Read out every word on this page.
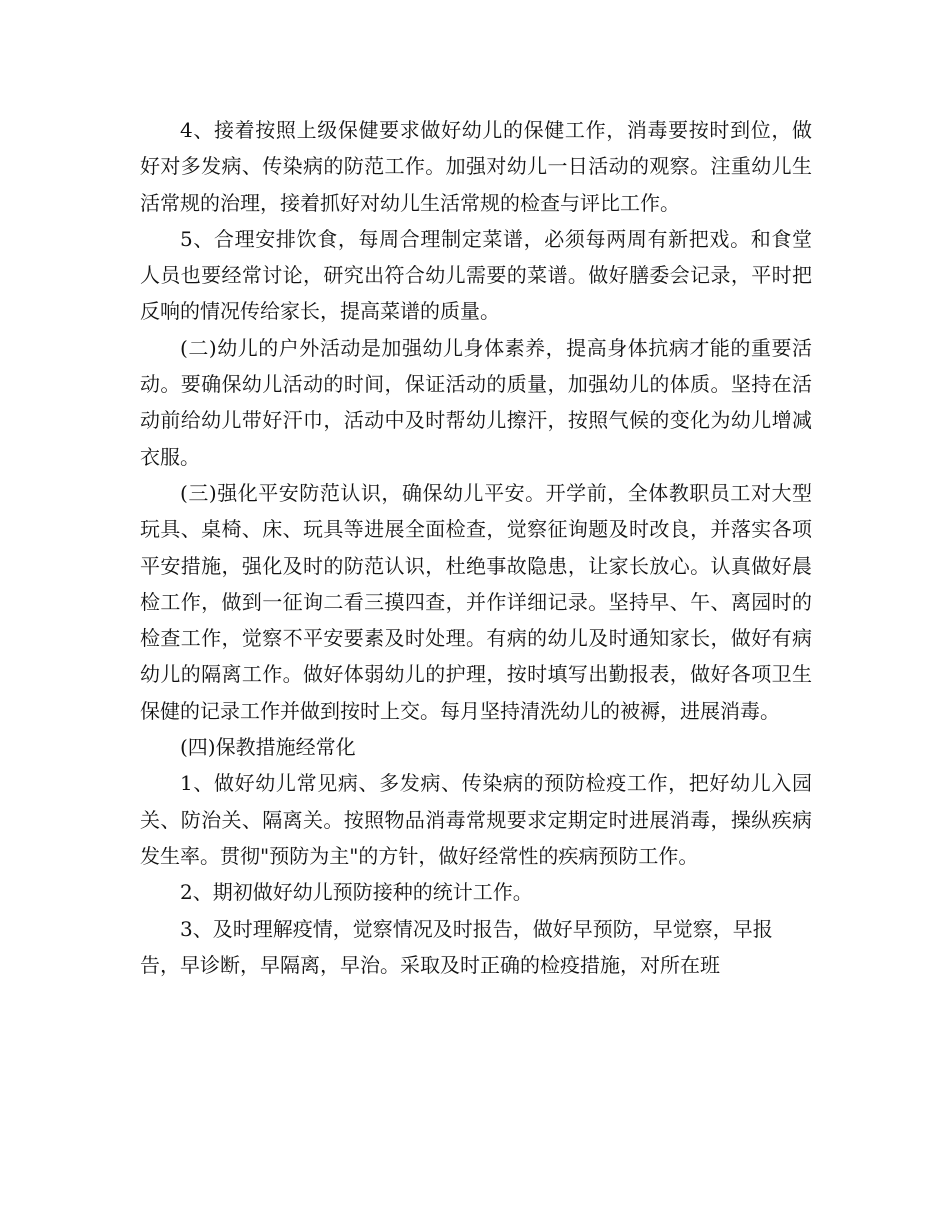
4、接着按照上级保健要求做好幼儿的保健工作，消毒要按时到位，做好对多发病、传染病的防范工作。加强对幼儿一日活动的观察。注重幼儿生活常规的治理，接着抓好对幼儿生活常规的检查与评比工作。

5、合理安排饮食，每周合理制定菜谱，必须每两周有新把戏。和食堂人员也要经常讨论，研究出符合幼儿需要的菜谱。做好膳委会记录，平时把反响的情况传给家长，提高菜谱的质量。

(二)幼儿的户外活动是加强幼儿身体素养，提高身体抗病才能的重要活动。要确保幼儿活动的时间，保证活动的质量，加强幼儿的体质。坚持在活动前给幼儿带好汗巾，活动中及时帮幼儿擦汗，按照气候的变化为幼儿增减衣服。

(三)强化平安防范认识，确保幼儿平安。开学前，全体教职员工对大型玩具、桌椅、床、玩具等进展全面检查，觉察征询题及时改良，并落实各项平安措施，强化及时的防范认识，杜绝事故隐患，让家长放心。认真做好晨检工作，做到一征询二看三摸四查，并作详细记录。坚持早、午、离园时的检查工作，觉察不平安要素及时处理。有病的幼儿及时通知家长，做好有病幼儿的隔离工作。做好体弱幼儿的护理，按时填写出勤报表，做好各项卫生保健的记录工作并做到按时上交。每月坚持清洗幼儿的被褥，进展消毒。

(四)保教措施经常化

1、做好幼儿常见病、多发病、传染病的预防检疫工作，把好幼儿入园关、防治关、隔离关。按照物品消毒常规要求定期定时进展消毒，操纵疾病发生率。贯彻"预防为主"的方针，做好经常性的疾病预防工作。

2、期初做好幼儿预防接种的统计工作。

3、及时理解疫情，觉察情况及时报告，做好早预防，早觉察，早报告，早诊断，早隔离，早治。采取及时正确的检疫措施，对所在班
